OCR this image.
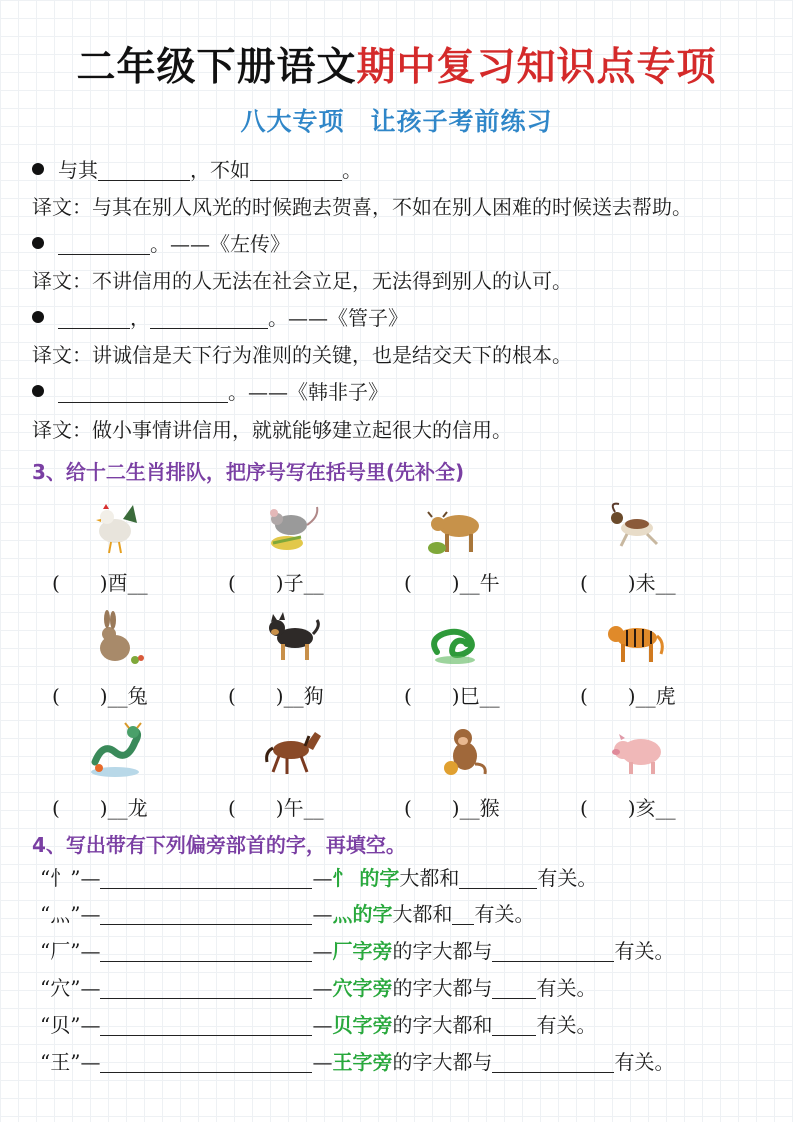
二年级下册语文期中复习知识点专项
八大专项　让孩子考前练习
与其	，不如	。
译文：与其在别人风光的时候跑去贺喜，不如在别人困难的时候送去帮助。
。——《左传》
译文：不讲信用的人无法在社会立足，无法得到别人的认可。
，	。——《管子》
译文：讲诚信是天下行为准则的关键，也是结交天下的根本。
。——《韩非子》
译文：做小事情讲信用，就就能够建立起很大的信用。
3、给十二生肖排队，把序号写在括号里(先补全)
(　　)酉__	(　　)子__	(　　)__牛	(　　)未__
(　　)__兔	(　　)__狗	(　　)巳__	(　　)__虎
(　　)__龙	(　　)午__	(　　)__猴	(　　)亥__
4、写出带有下列偏旁部首的字，再填空。
“忄”—	—忄 的字大都和	有关。
“灬”—	—灬的字大都和 有关。
“厂”—	—厂字旁的字大都与	有关。
“穴”—	—穴字旁的字大都与 有关。
“贝”—	—贝字旁的字大都和 有关。
“王”—	—王字旁的字大都与	有关。
